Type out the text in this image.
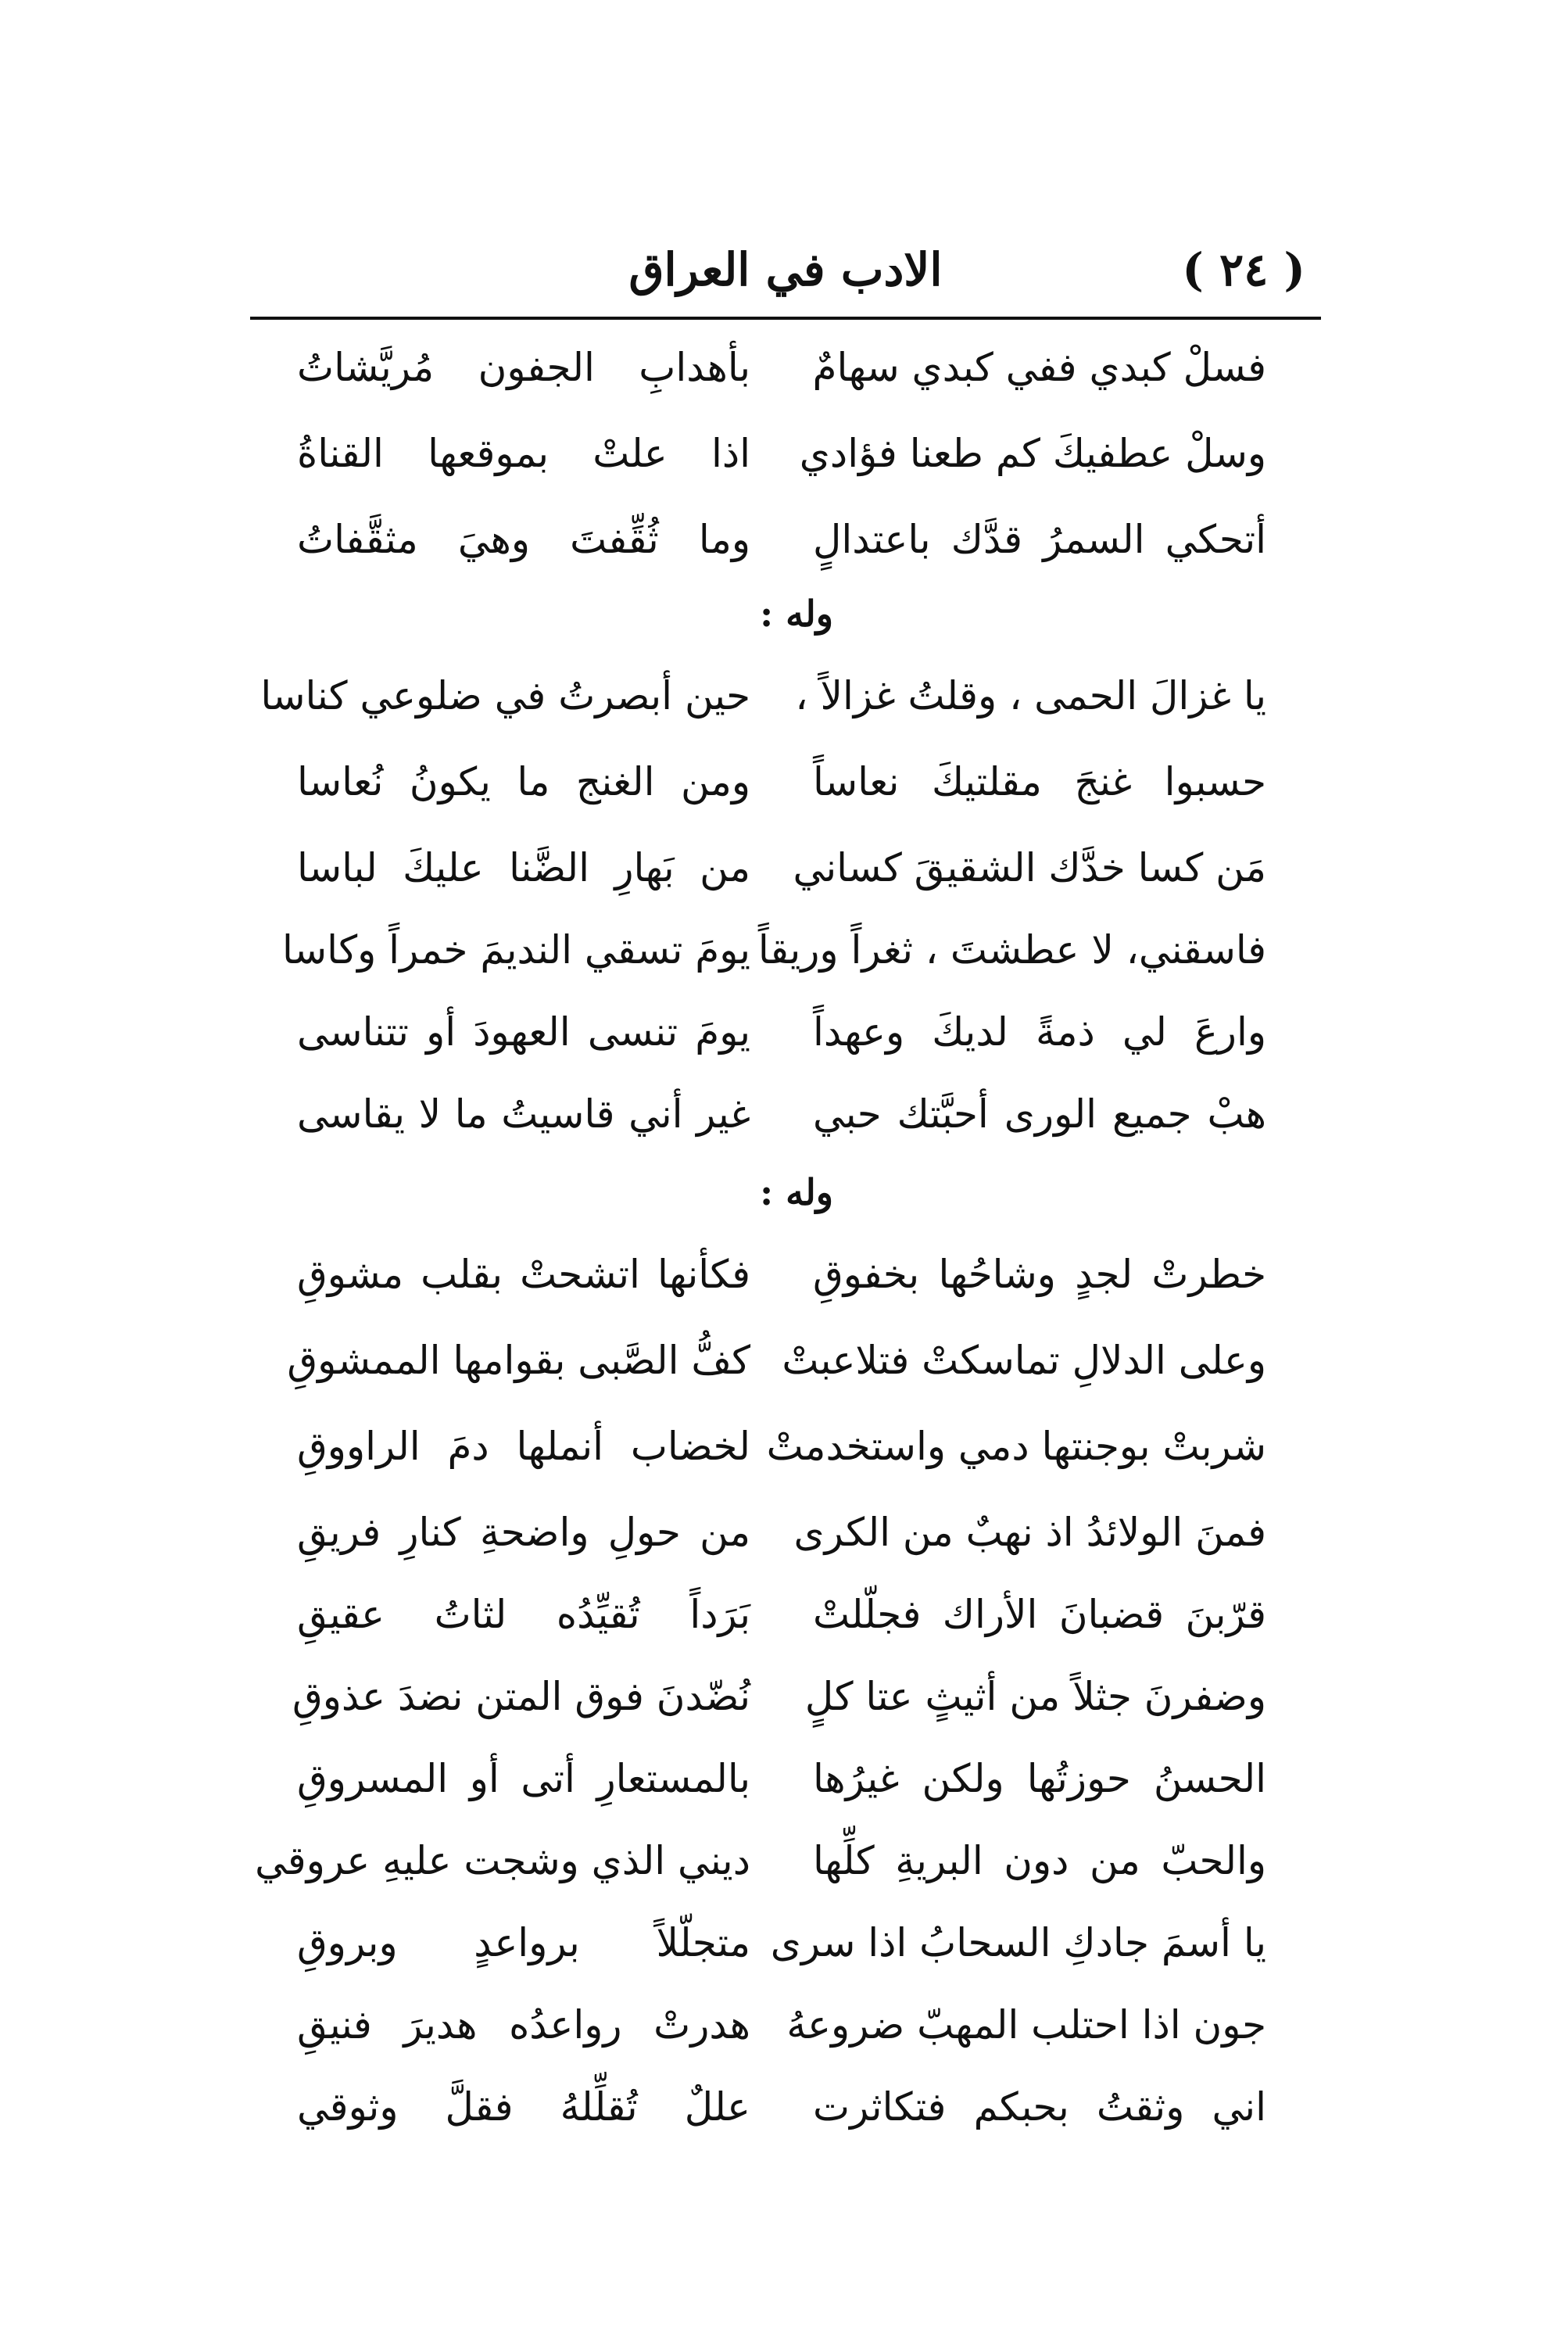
الادب في العراق	( ٢٤ )
فسلْ كبدي ففي كبدي سهامٌ
بأهدابِ الجفون مُريَّشاتُ
وسلْ عطفيكَ كم طعنا فؤادي
اذا علتْ بموقعها القناةُ
أتحكي السمرُ قدَّك باعتدالٍ
وما ثُقِّفتَ وهيَ مثقَّفاتُ
وله :
يا غزالَ الحمى ، وقلتُ غزالاً ،
حين أبصرتُ في ضلوعي كناسا
حسبوا غنجَ مقلتيكَ نعاساً
ومن الغنج ما يكونُ نُعاسا
مَن كسا خدَّك الشقيقَ كساني
من بَهارِ الضَّنا عليكَ لباسا
فاسقني، لا عطشتَ ، ثغراً وريقاً
يومَ تسقي النديمَ خمراً وكاسا
وارعَ لي ذمةً لديكَ وعهداً
يومَ تنسى العهودَ أو تتناسى
هبْ جميع الورى أحبَّتك حبي
غير أني قاسيتُ ما لا يقاسى
وله :
خطرتْ لجدٍ وشاحُها بخفوقِ
فكأنها اتشحتْ بقلب مشوقِ
وعلى الدلالِ تماسكتْ فتلاعبتْ
كفُّ الصَّبى بقوامها الممشوقِ
شربتْ بوجنتها دمي واستخدمتْ
لخضاب أنملها دمَ الراووقِ
فمنَ الولائدُ اذ نهبٌ من الكرى
من حولِ واضحةِ كنارِ فريقِ
قرّبنَ قضبانَ الأراك فجلّلتْ
بَرَداً تُقيِّدُه لثاتُ عقيقِ
وضفرنَ جثلاً من أثيثٍ عتا كلٍ
نُضّدنَ فوق المتن نضدَ عذوقِ
الحسنُ حوزتُها ولكن غيرُها
بالمستعارِ أتى أو المسروقِ
والحبّ من دون البريةِ كلِّها
ديني الذي وشجت عليهِ عروقي
يا أسمَ جادكِ السحابُ اذا سرى
متجلّلاً برواعدٍ وبروقِ
جون اذا احتلب المهبّ ضروعهُ
هدرتْ رواعدُه هديرَ فنيقِ
اني وثقتُ بحبكم فتكاثرت
عللٌ تُقلِّلهُ فقلَّ وثوقي
